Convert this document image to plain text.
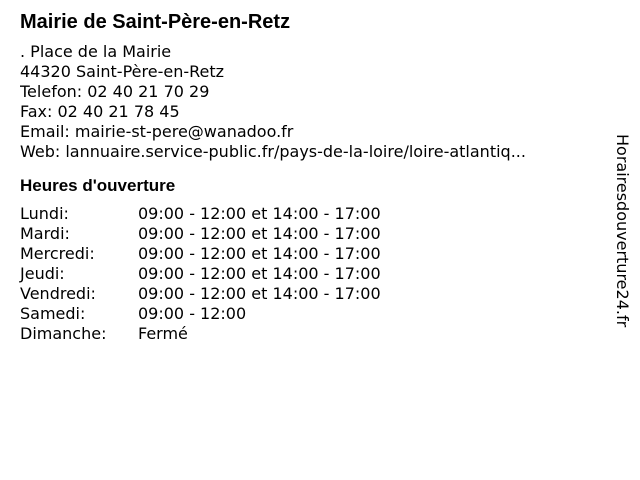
Mairie de Saint-Père-en-Retz
. Place de la Mairie
44320 Saint-Père-en-Retz
Telefon: 02 40 21 70 29
Fax: 02 40 21 78 45
Email: mairie-st-pere@wanadoo.fr
Web: lannuaire.service-public.fr/pays-de-la-loire/loire-atlantiq...
Heures d'ouverture
Lundi:	09:00 - 12:00 et 14:00 - 17:00
Mardi:	09:00 - 12:00 et 14:00 - 17:00
Mercredi:	09:00 - 12:00 et 14:00 - 17:00
Jeudi:	09:00 - 12:00 et 14:00 - 17:00
Vendredi:	09:00 - 12:00 et 14:00 - 17:00
Samedi:	09:00 - 12:00
Dimanche:	Fermé
Horairesdouverture24.fr
